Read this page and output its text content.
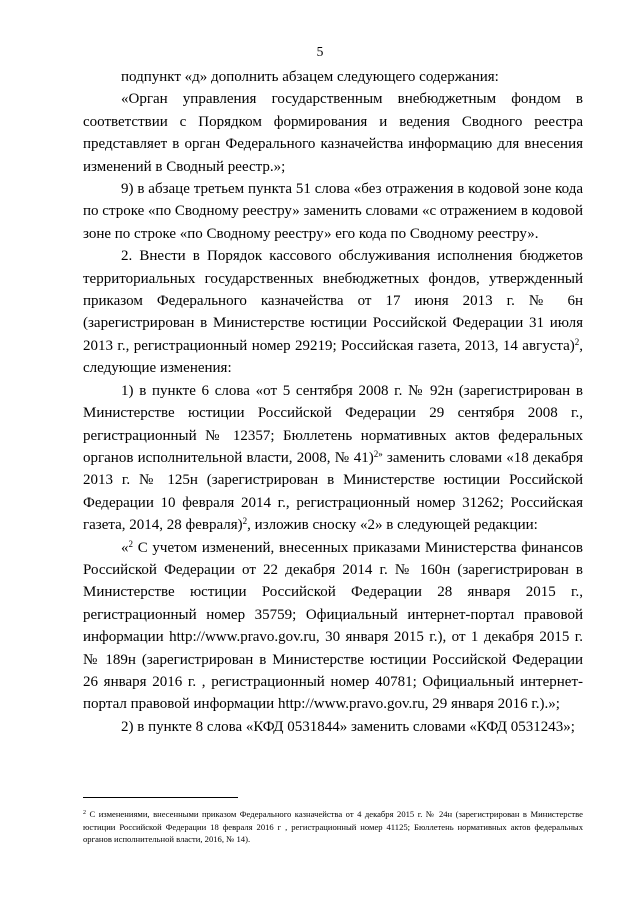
5

подпункт «д» дополнить абзацем следующего содержания:

«Орган управления государственным внебюджетным фондом в соответствии с Порядком формирования и ведения Сводного реестра представляет в орган Федерального казначейства информацию для внесения изменений в Сводный реестр.»;

9) в абзаце третьем пункта 51 слова «без отражения в кодовой зоне кода по строке «по Сводному реестру» заменить словами «с отражением в кодовой зоне по строке «по Сводному реестру» его кода по Сводному реестру».

2. Внести в Порядок кассового обслуживания исполнения бюджетов территориальных государственных внебюджетных фондов, утвержденный приказом Федерального казначейства от 17 июня 2013 г. № 6н (зарегистрирован в Министерстве юстиции Российской Федерации 31 июля 2013 г., регистрационный номер 29219; Российская газета, 2013, 14 августа)$^2$, следующие изменения:

1) в пункте 6 слова «от 5 сентября 2008 г. № 92н (зарегистрирован в Министерстве юстиции Российской Федерации 29 сентября 2008 г., регистрационный № 12357; Бюллетень нормативных актов федеральных органов исполнительной власти, 2008, № 41)$^{2»}$ заменить словами «18 декабря 2013 г. № 125н (зарегистрирован в Министерстве юстиции Российской Федерации 10 февраля 2014 г., регистрационный номер 31262; Российская газета, 2014, 28 февраля)$^2$, изложив сноску «2» в следующей редакции:

«$^2$ С учетом изменений, внесенных приказами Министерства финансов Российской Федерации от 22 декабря 2014 г. № 160н (зарегистрирован в Министерстве юстиции Российской Федерации 28 января 2015 г., регистрационный номер 35759; Официальный интернет-портал правовой информации http://www.pravo.gov.ru, 30 января 2015 г.), от 1 декабря 2015 г. № 189н (зарегистрирован в Министерстве юстиции Российской Федерации 26 января 2016 г. , регистрационный номер 40781; Официальный интернет-портал правовой информации http://www.pravo.gov.ru, 29 января 2016 г.).»;

2) в пункте 8 слова «КФД 0531844» заменить словами «КФД 0531243»;

$^2$ С изменениями, внесенными приказом Федерального казначейства от 4 декабря 2015 г. № 24н (зарегистрирован в Министерстве юстиции Российской Федерации 18 февраля 2016 г , регистрационный номер 41125; Бюллетень нормативных актов федеральных органов исполнительной власти, 2016, № 14).
